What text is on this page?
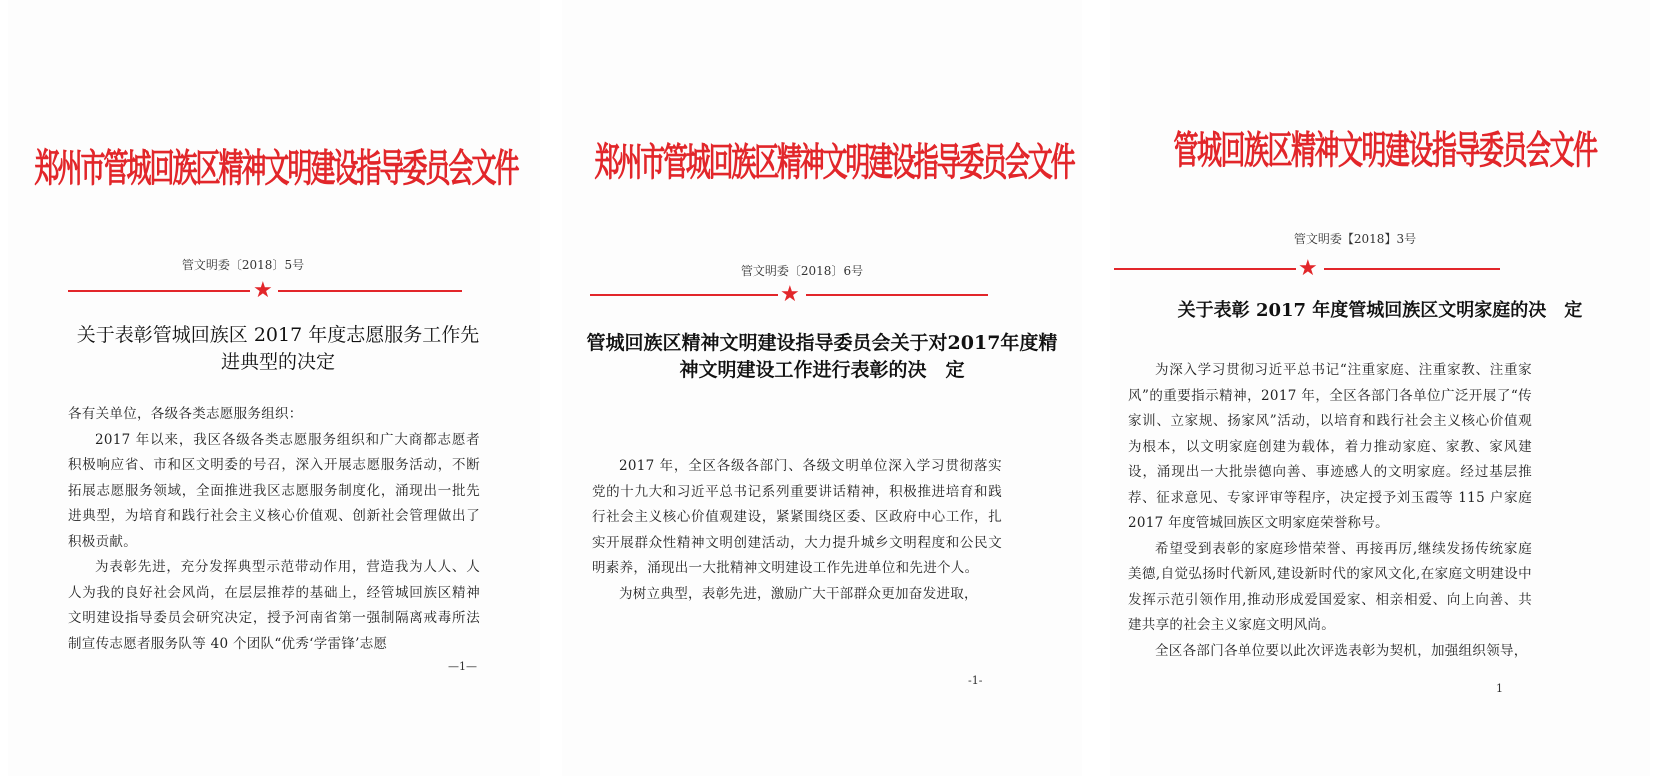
郑州市管城回族区精神文明建设指导委员会文件
管文明委〔2018〕5号
★
关于表彰管城回族区 2017 年度志愿服务工作先进典型的决定

各有关单位，各级各类志愿服务组织：

2017 年以来，我区各级各类志愿服务组织和广大商都志愿者积极响应省、市和区文明委的号召，深入开展志愿服务活动，不断拓展志愿服务领域，全面推进我区志愿服务制度化，涌现出一批先进典型，为培育和践行社会主义核心价值观、创新社会管理做出了积极贡献。

为表彰先进，充分发挥典型示范带动作用，营造我为人人、人人为我的良好社会风尚，在层层推荐的基础上，经管城回族区精神文明建设指导委员会研究决定，授予河南省第一强制隔离戒毒所法制宣传志愿者服务队等 40 个团队“优秀‘学雷锋’志愿

—1—
郑州市管城回族区精神文明建设指导委员会文件
管文明委〔2018〕6号
★
管城回族区精神文明建设指导委员会关于对2017年度精神文明建设工作进行表彰的决　定

2017 年，全区各级各部门、各级文明单位深入学习贯彻落实党的十九大和习近平总书记系列重要讲话精神，积极推进培育和践行社会主义核心价值观建设，紧紧围绕区委、区政府中心工作，扎实开展群众性精神文明创建活动，大力提升城乡文明程度和公民文明素养，涌现出一大批精神文明建设工作先进单位和先进个人。

为树立典型，表彰先进，激励广大干部群众更加奋发进取，

-1-
管城回族区精神文明建设指导委员会文件
管文明委【2018】3号
★
关于表彰 2017 年度管城回族区文明家庭的决　定

为深入学习贯彻习近平总书记“注重家庭、注重家教、注重家风”的重要指示精神，2017 年，全区各部门各单位广泛开展了“传家训、立家规、扬家风”活动，以培育和践行社会主义核心价值观为根本，以文明家庭创建为载体，着力推动家庭、家教、家风建设，涌现出一大批崇德向善、事迹感人的文明家庭。经过基层推荐、征求意见、专家评审等程序，决定授予刘玉霞等 115 户家庭 2017 年度管城回族区文明家庭荣誉称号。

希望受到表彰的家庭珍惜荣誉、再接再厉,继续发扬传统家庭美德,自觉弘扬时代新风,建设新时代的家风文化,在家庭文明建设中发挥示范引领作用,推动形成爱国爱家、相亲相爱、向上向善、共建共享的社会主义家庭文明风尚。

全区各部门各单位要以此次评选表彰为契机，加强组织领导，

1
